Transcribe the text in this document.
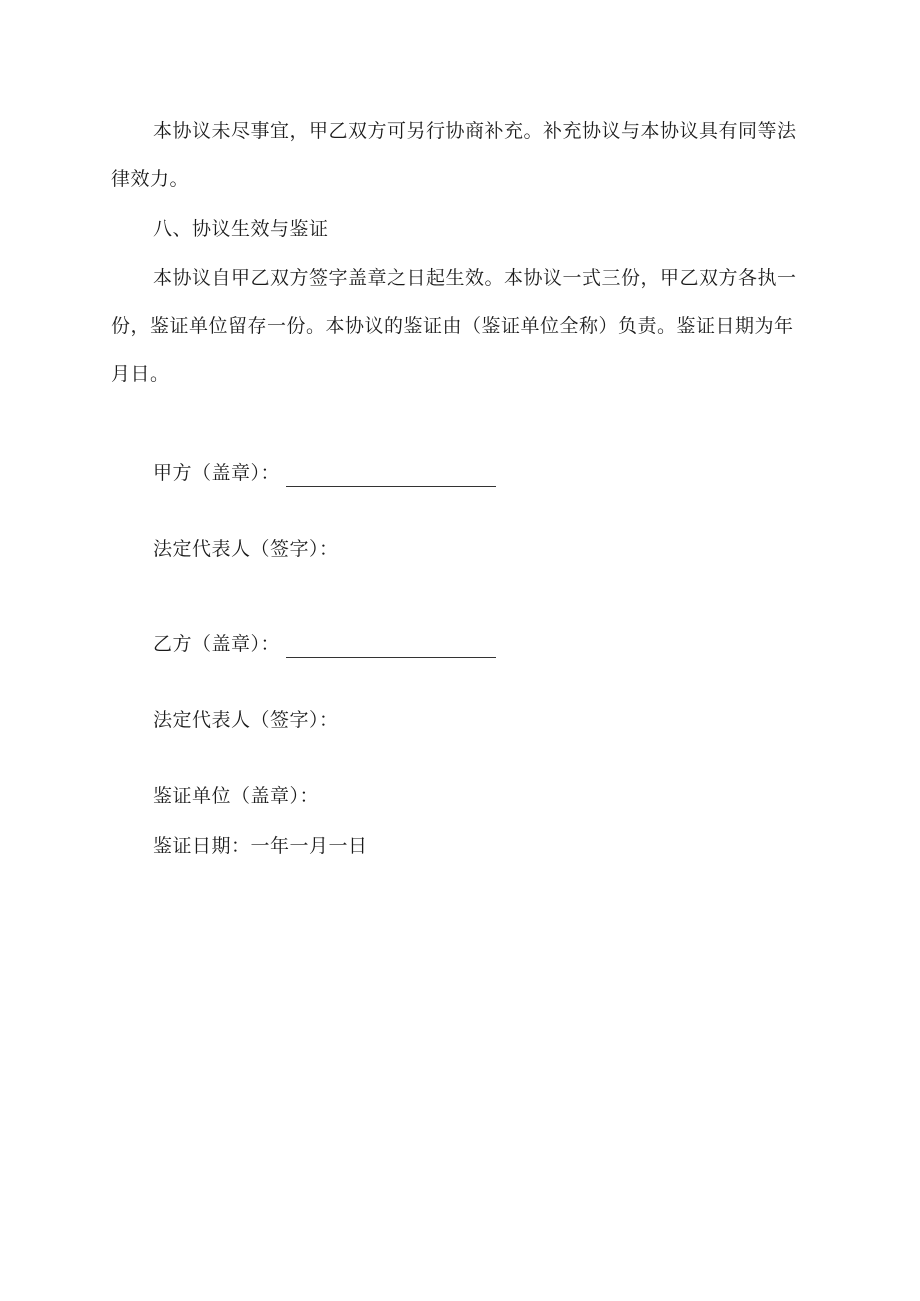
本协议未尽事宜，甲乙双方可另行协商补充。补充协议与本协议具有同等法律效力。

八、协议生效与鉴证

本协议自甲乙双方签字盖章之日起生效。本协议一式三份，甲乙双方各执一份，鉴证单位留存一份。本协议的鉴证由（鉴证单位全称）负责。鉴证日期为年月日。

甲方（盖章）：
法定代表人（签字）：
乙方（盖章）：
法定代表人（签字）：
鉴证单位（盖章）：
鉴证日期：一年一月一日
